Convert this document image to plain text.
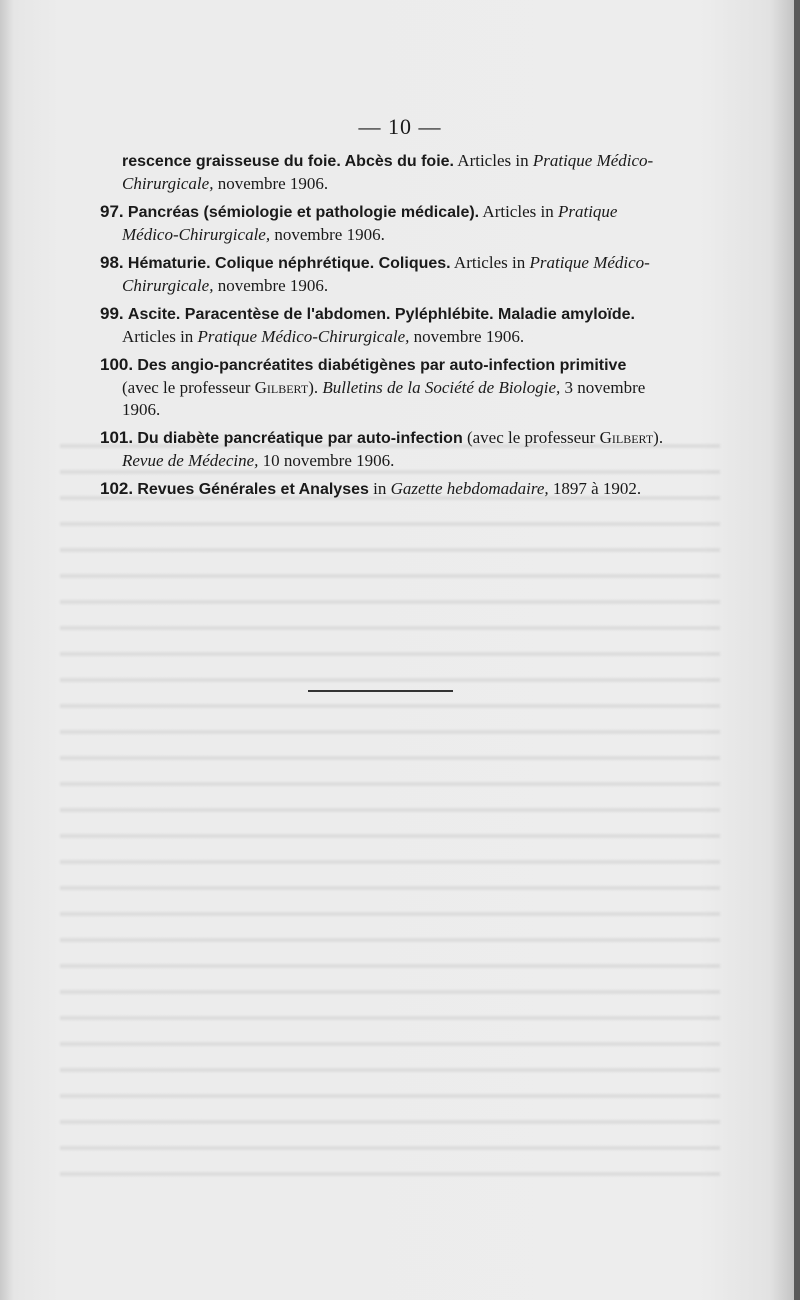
— 10 —

rescence graisseuse du foie. Abcès du foie. Articles in Pratique Médico-Chirurgicale, novembre 1906.

97. Pancréas (sémiologie et pathologie médicale). Articles in Pratique Médico-Chirurgicale, novembre 1906.

98. Hématurie. Colique néphrétique. Coliques. Articles in Pratique Médico-Chirurgicale, novembre 1906.

99. Ascite. Paracentèse de l'abdomen. Pyléphlébite. Maladie amyloïde. Articles in Pratique Médico-Chirurgicale, novembre 1906.

100. Des angio-pancréatites diabétigènes par auto-infection primitive (avec le professeur Gilbert). Bulletins de la Société de Biologie, 3 novembre 1906.

101. Du diabète pancréatique par auto-infection (avec le professeur Gilbert). Revue de Médecine, 10 novembre 1906.

102. Revues Générales et Analyses in Gazette hebdomadaire, 1897 à 1902.
